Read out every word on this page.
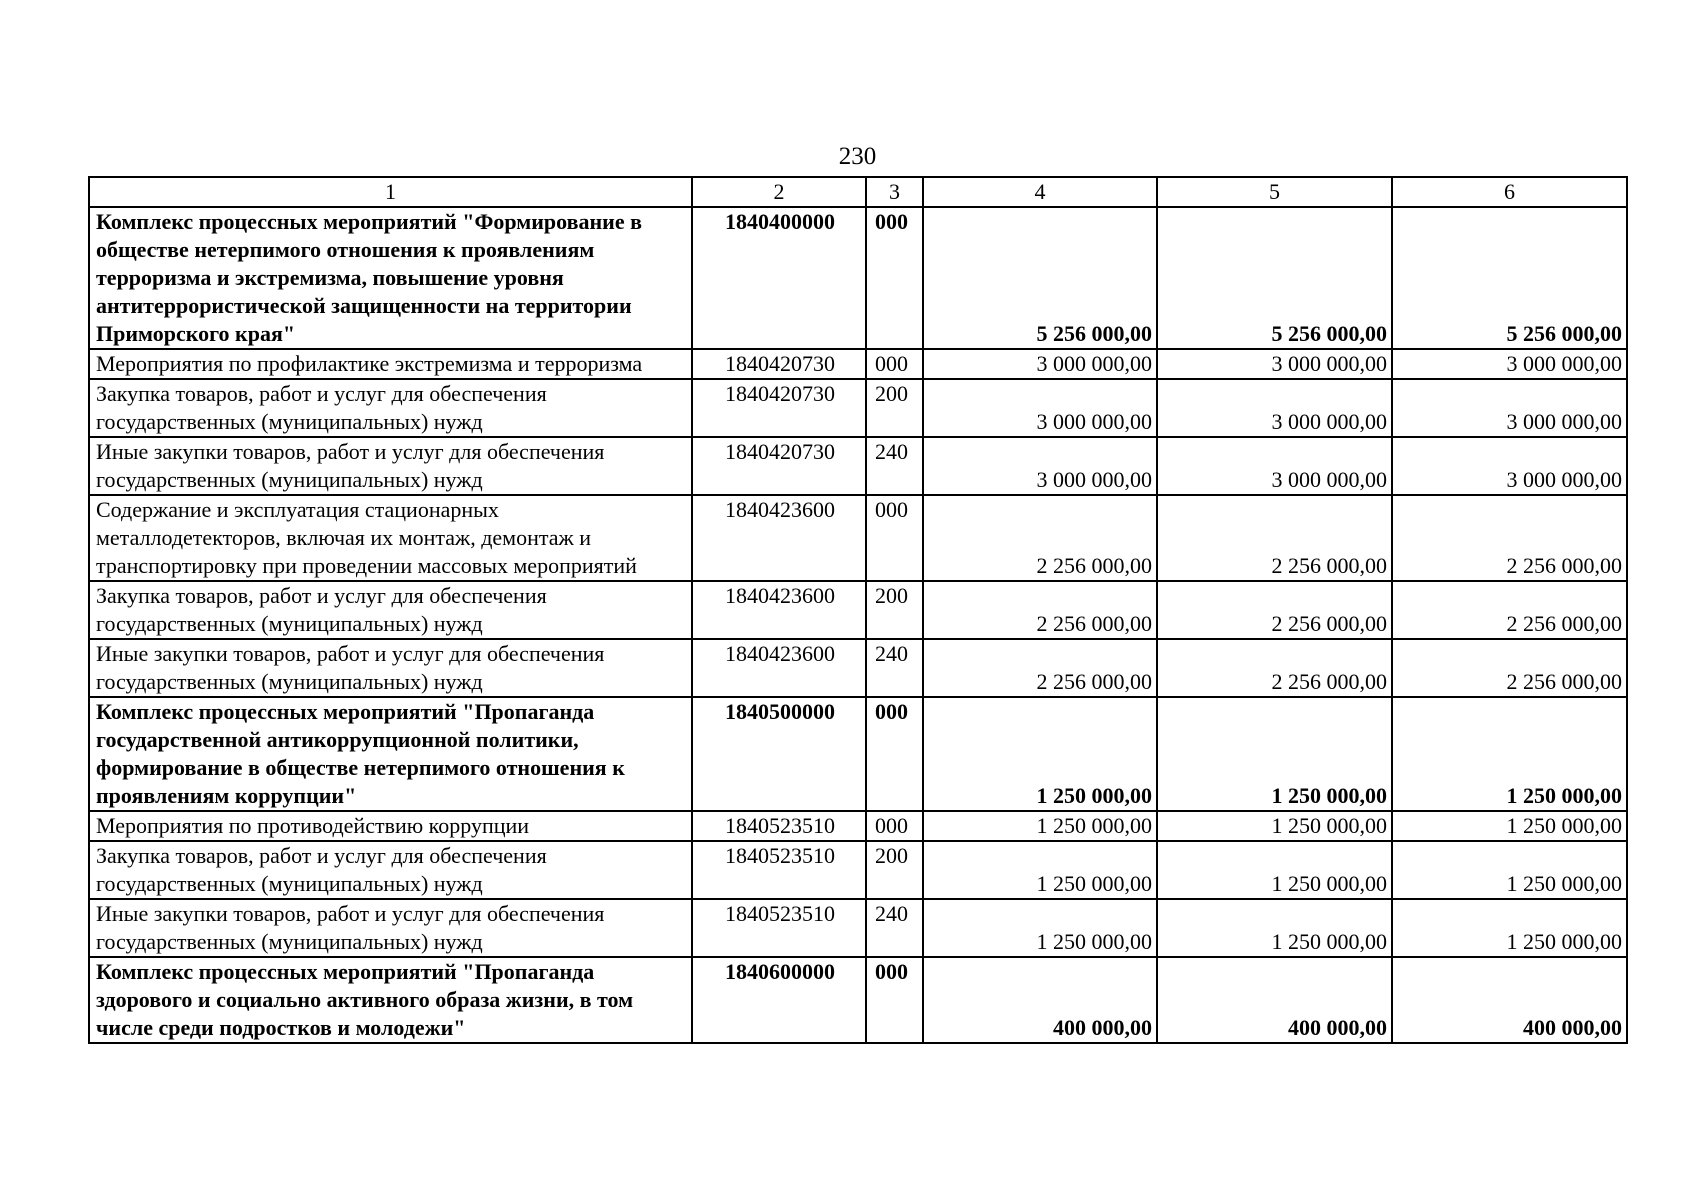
230
1	2	3	4	5	6
Комплекс процессных мероприятий "Формирование в обществе нетерпимого отношения к проявлениям терроризма и экстремизма, повышение уровня антитеррористической защищенности на территории Приморского края"	1840400000	000	5 256 000,00	5 256 000,00	5 256 000,00
Мероприятия по профилактике экстремизма и терроризма	1840420730	000	3 000 000,00	3 000 000,00	3 000 000,00
Закупка товаров, работ и услуг для обеспечения государственных (муниципальных) нужд	1840420730	200	3 000 000,00	3 000 000,00	3 000 000,00
Иные закупки товаров, работ и услуг для обеспечения государственных (муниципальных) нужд	1840420730	240	3 000 000,00	3 000 000,00	3 000 000,00
Содержание и эксплуатация стационарных металлодетекторов, включая их монтаж, демонтаж и транспортировку при проведении массовых мероприятий	1840423600	000	2 256 000,00	2 256 000,00	2 256 000,00
Закупка товаров, работ и услуг для обеспечения государственных (муниципальных) нужд	1840423600	200	2 256 000,00	2 256 000,00	2 256 000,00
Иные закупки товаров, работ и услуг для обеспечения государственных (муниципальных) нужд	1840423600	240	2 256 000,00	2 256 000,00	2 256 000,00
Комплекс процессных мероприятий "Пропаганда государственной антикоррупционной политики, формирование в обществе нетерпимого отношения к проявлениям коррупции"	1840500000	000	1 250 000,00	1 250 000,00	1 250 000,00
Мероприятия по противодействию коррупции	1840523510	000	1 250 000,00	1 250 000,00	1 250 000,00
Закупка товаров, работ и услуг для обеспечения государственных (муниципальных) нужд	1840523510	200	1 250 000,00	1 250 000,00	1 250 000,00
Иные закупки товаров, работ и услуг для обеспечения государственных (муниципальных) нужд	1840523510	240	1 250 000,00	1 250 000,00	1 250 000,00
Комплекс процессных мероприятий "Пропаганда здорового и социально активного образа жизни, в том числе среди подростков и молодежи"	1840600000	000	400 000,00	400 000,00	400 000,00
